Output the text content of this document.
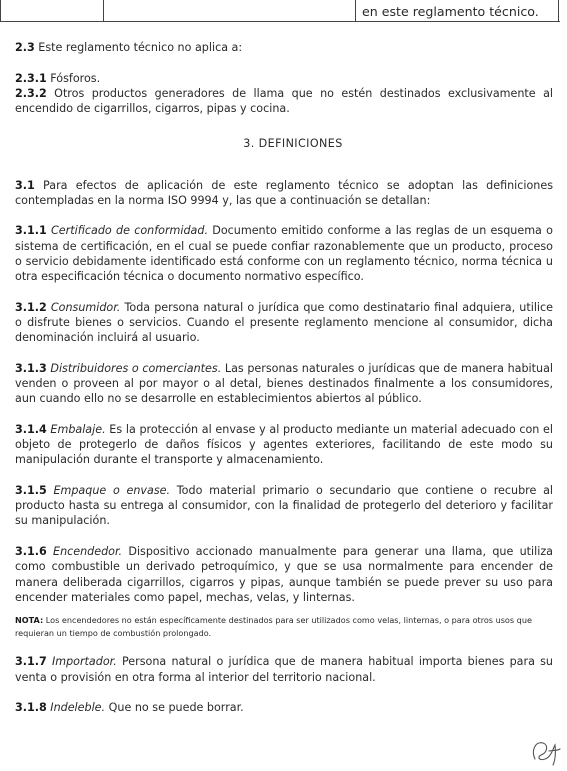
en este reglamento técnico.

2.3 Este reglamento técnico no aplica a:

2.3.1 Fósforos.

2.3.2 Otros productos generadores de llama que no estén destinados exclusivamente al encendido de cigarrillos, cigarros, pipas y cocina.

3. DEFINICIONES

3.1 Para efectos de aplicación de este reglamento técnico se adoptan las definiciones contempladas en la norma ISO 9994 y, las que a continuación se detallan:

3.1.1 Certificado de conformidad. Documento emitido conforme a las reglas de un esquema o sistema de certificación, en el cual se puede confiar razonablemente que un producto, proceso o servicio debidamente identificado está conforme con un reglamento técnico, norma técnica u otra especificación técnica o documento normativo específico.

3.1.2 Consumidor. Toda persona natural o jurídica que como destinatario final adquiera, utilice o disfrute bienes o servicios. Cuando el presente reglamento mencione al consumidor, dicha denominación incluirá al usuario.

3.1.3 Distribuidores o comerciantes. Las personas naturales o jurídicas que de manera habitual venden o proveen al por mayor o al detal, bienes destinados finalmente a los consumidores, aun cuando ello no se desarrolle en establecimientos abiertos al público.

3.1.4 Embalaje. Es la protección al envase y al producto mediante un material adecuado con el objeto de protegerlo de daños físicos y agentes exteriores, facilitando de este modo su manipulación durante el transporte y almacenamiento.

3.1.5 Empaque o envase. Todo material primario o secundario que contiene o recubre al producto hasta su entrega al consumidor, con la finalidad de protegerlo del deterioro y facilitar su manipulación.

3.1.6 Encendedor. Dispositivo accionado manualmente para generar una llama, que utiliza como combustible un derivado petroquímico, y que se usa normalmente para encender de manera deliberada cigarrillos, cigarros y pipas, aunque también se puede prever su uso para encender materiales como papel, mechas, velas, y linternas.

NOTA: Los encendedores no están específicamente destinados para ser utilizados como velas, linternas, o para otros usos que requieran un tiempo de combustión prolongado.

3.1.7 Importador. Persona natural o jurídica que de manera habitual importa bienes para su venta o provisión en otra forma al interior del territorio nacional.

3.1.8 Indeleble. Que no se puede borrar.
